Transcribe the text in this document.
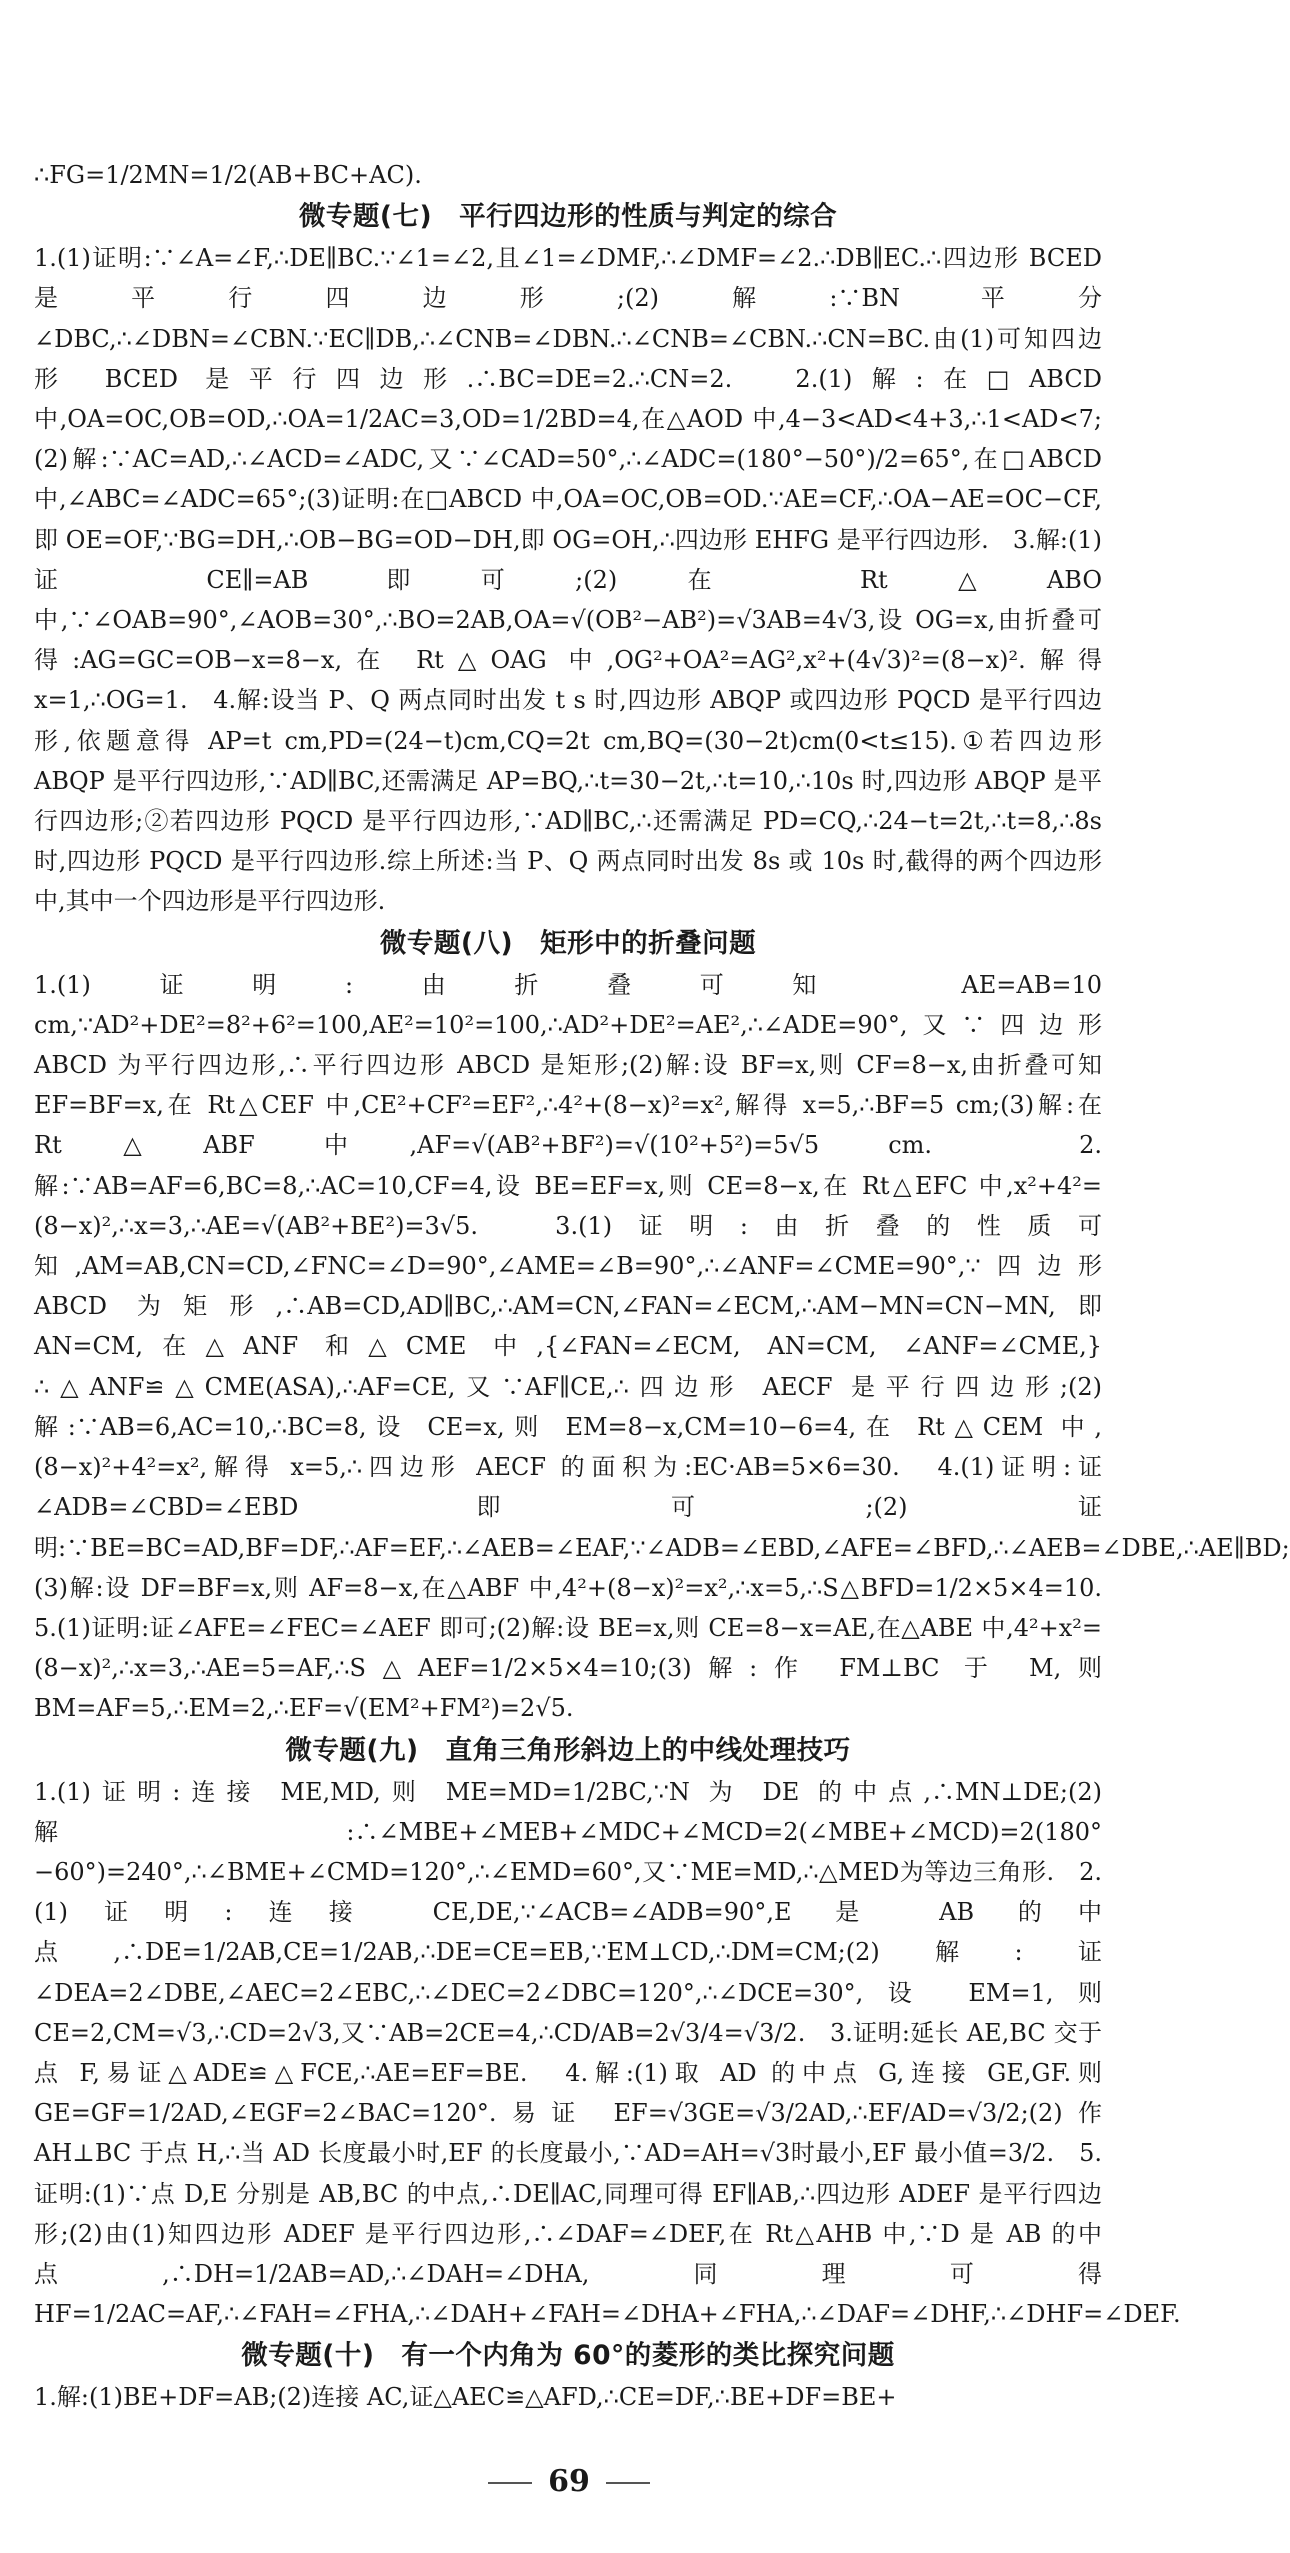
∴FG=1/2MN=1/2(AB+BC+AC).

微专题(七)　平行四边形的性质与判定的综合

1.(1)证明:∵∠A=∠F,∴DE∥BC.∵∠1=∠2,且∠1=∠DMF,∴∠DMF=∠2.∴DB∥EC.∴四边形 BCED 是平行四边形;(2)解:∵BN 平分∠DBC,∴∠DBN=∠CBN.∵EC∥DB,∴∠CNB=∠DBN.∴∠CNB=∠CBN.∴CN=BC.由(1)可知四边形 BCED 是平行四边形.∴BC=DE=2.∴CN=2.　2.(1)解:在□ABCD 中,OA=OC,OB=OD,∴OA=1/2AC=3,OD=1/2BD=4,在△AOD 中,4−3<AD<4+3,∴1<AD<7;(2)解:∵AC=AD,∴∠ACD=∠ADC,又∵∠CAD=50°,∴∠ADC=(180°−50°)/2=65°,在□ABCD 中,∠ABC=∠ADC=65°;(3)证明:在□ABCD 中,OA=OC,OB=OD.∵AE=CF,∴OA−AE=OC−CF,即 OE=OF,∵BG=DH,∴OB−BG=OD−DH,即 OG=OH,∴四边形 EHFG 是平行四边形.　3.解:(1)证 CE∥=AB 即可;(2)在 Rt△ABO 中,∵∠OAB=90°,∠AOB=30°,∴BO=2AB,OA=√(OB²−AB²)=√3AB=4√3,设 OG=x,由折叠可得:AG=GC=OB−x=8−x,在 Rt△OAG 中,OG²+OA²=AG²,x²+(4√3)²=(8−x)².解得 x=1,∴OG=1.　4.解:设当 P、Q 两点同时出发 t s 时,四边形 ABQP 或四边形 PQCD 是平行四边形,依题意得 AP=t cm,PD=(24−t)cm,CQ=2t cm,BQ=(30−2t)cm(0<t≤15).①若四边形 ABQP 是平行四边形,∵AD∥BC,还需满足 AP=BQ,∴t=30−2t,∴t=10,∴10s 时,四边形 ABQP 是平行四边形;②若四边形 PQCD 是平行四边形,∵AD∥BC,∴还需满足 PD=CQ,∴24−t=2t,∴t=8,∴8s 时,四边形 PQCD 是平行四边形.综上所述:当 P、Q 两点同时出发 8s 或 10s 时,截得的两个四边形中,其中一个四边形是平行四边形.

微专题(八)　矩形中的折叠问题

1.(1)证明:由折叠可知 AE=AB=10 cm,∵AD²+DE²=8²+6²=100,AE²=10²=100,∴AD²+DE²=AE²,∴∠ADE=90°,又∵四边形 ABCD 为平行四边形,∴平行四边形 ABCD 是矩形;(2)解:设 BF=x,则 CF=8−x,由折叠可知 EF=BF=x,在 Rt△CEF 中,CE²+CF²=EF²,∴4²+(8−x)²=x²,解得 x=5,∴BF=5 cm;(3)解:在 Rt△ABF 中,AF=√(AB²+BF²)=√(10²+5²)=5√5 cm.　2.解:∵AB=AF=6,BC=8,∴AC=10,CF=4,设 BE=EF=x,则 CE=8−x,在 Rt△EFC 中,x²+4²=(8−x)²,∴x=3,∴AE=√(AB²+BE²)=3√5.　3.(1)证明:由折叠的性质可知,AM=AB,CN=CD,∠FNC=∠D=90°,∠AME=∠B=90°,∴∠ANF=∠CME=90°,∵四边形 ABCD 为矩形,∴AB=CD,AD∥BC,∴AM=CN,∠FAN=∠ECM,∴AM−MN=CN−MN,即 AN=CM,在△ANF 和△CME 中,{∠FAN=∠ECM, AN=CM, ∠ANF=∠CME,}∴△ANF≌△CME(ASA),∴AF=CE,又∵AF∥CE,∴四边形 AECF 是平行四边形;(2)解:∵AB=6,AC=10,∴BC=8,设 CE=x,则 EM=8−x,CM=10−6=4,在 Rt△CEM 中,(8−x)²+4²=x²,解得 x=5,∴四边形 AECF 的面积为:EC·AB=5×6=30.　4.(1)证明:证∠ADB=∠CBD=∠EBD 即可;(2)证明:∵BE=BC=AD,BF=DF,∴AF=EF,∴∠AEB=∠EAF,∵∠ADB=∠EBD,∠AFE=∠BFD,∴∠AEB=∠DBE,∴AE∥BD;(3)解:设 DF=BF=x,则 AF=8−x,在△ABF 中,4²+(8−x)²=x²,∴x=5,∴S△BFD=1/2×5×4=10.　5.(1)证明:证∠AFE=∠FEC=∠AEF 即可;(2)解:设 BE=x,则 CE=8−x=AE,在△ABE 中,4²+x²=(8−x)²,∴x=3,∴AE=5=AF,∴S△AEF=1/2×5×4=10;(3)解:作 FM⊥BC 于 M,则 BM=AF=5,∴EM=2,∴EF=√(EM²+FM²)=2√5.

微专题(九)　直角三角形斜边上的中线处理技巧

1.(1)证明:连接 ME,MD,则 ME=MD=1/2BC,∵N 为 DE 的中点,∴MN⊥DE;(2)解:∴∠MBE+∠MEB+∠MDC+∠MCD=2(∠MBE+∠MCD)=2(180°−60°)=240°,∴∠BME+∠CMD=120°,∴∠EMD=60°,又∵ME=MD,∴△MED为等边三角形.　2.(1)证明:连接 CE,DE,∵∠ACB=∠ADB=90°,E 是 AB 的中点,∴DE=1/2AB,CE=1/2AB,∴DE=CE=EB,∵EM⊥CD,∴DM=CM;(2)解:证∠DEA=2∠DBE,∠AEC=2∠EBC,∴∠DEC=2∠DBC=120°,∴∠DCE=30°,设 EM=1,则 CE=2,CM=√3,∴CD=2√3,又∵AB=2CE=4,∴CD/AB=2√3/4=√3/2.　3.证明:延长 AE,BC 交于点 F,易证△ADE≌△FCE,∴AE=EF=BE.　4.解:(1)取 AD 的中点 G,连接 GE,GF.则 GE=GF=1/2AD,∠EGF=2∠BAC=120°.易证 EF=√3GE=√3/2AD,∴EF/AD=√3/2;(2)作 AH⊥BC 于点 H,∴当 AD 长度最小时,EF 的长度最小,∵AD=AH=√3时最小,EF 最小值=3/2.　5.证明:(1)∵点 D,E 分别是 AB,BC 的中点,∴DE∥AC,同理可得 EF∥AB,∴四边形 ADEF 是平行四边形;(2)由(1)知四边形 ADEF 是平行四边形,∴∠DAF=∠DEF,在 Rt△AHB 中,∵D 是 AB 的中点,∴DH=1/2AB=AD,∴∠DAH=∠DHA,同理可得 HF=1/2AC=AF,∴∠FAH=∠FHA,∴∠DAH+∠FAH=∠DHA+∠FHA,∴∠DAF=∠DHF,∴∠DHF=∠DEF.

微专题(十)　有一个内角为 60°的菱形的类比探究问题

1.解:(1)BE+DF=AB;(2)连接 AC,证△AEC≌△AFD,∴CE=DF,∴BE+DF=BE+

69
